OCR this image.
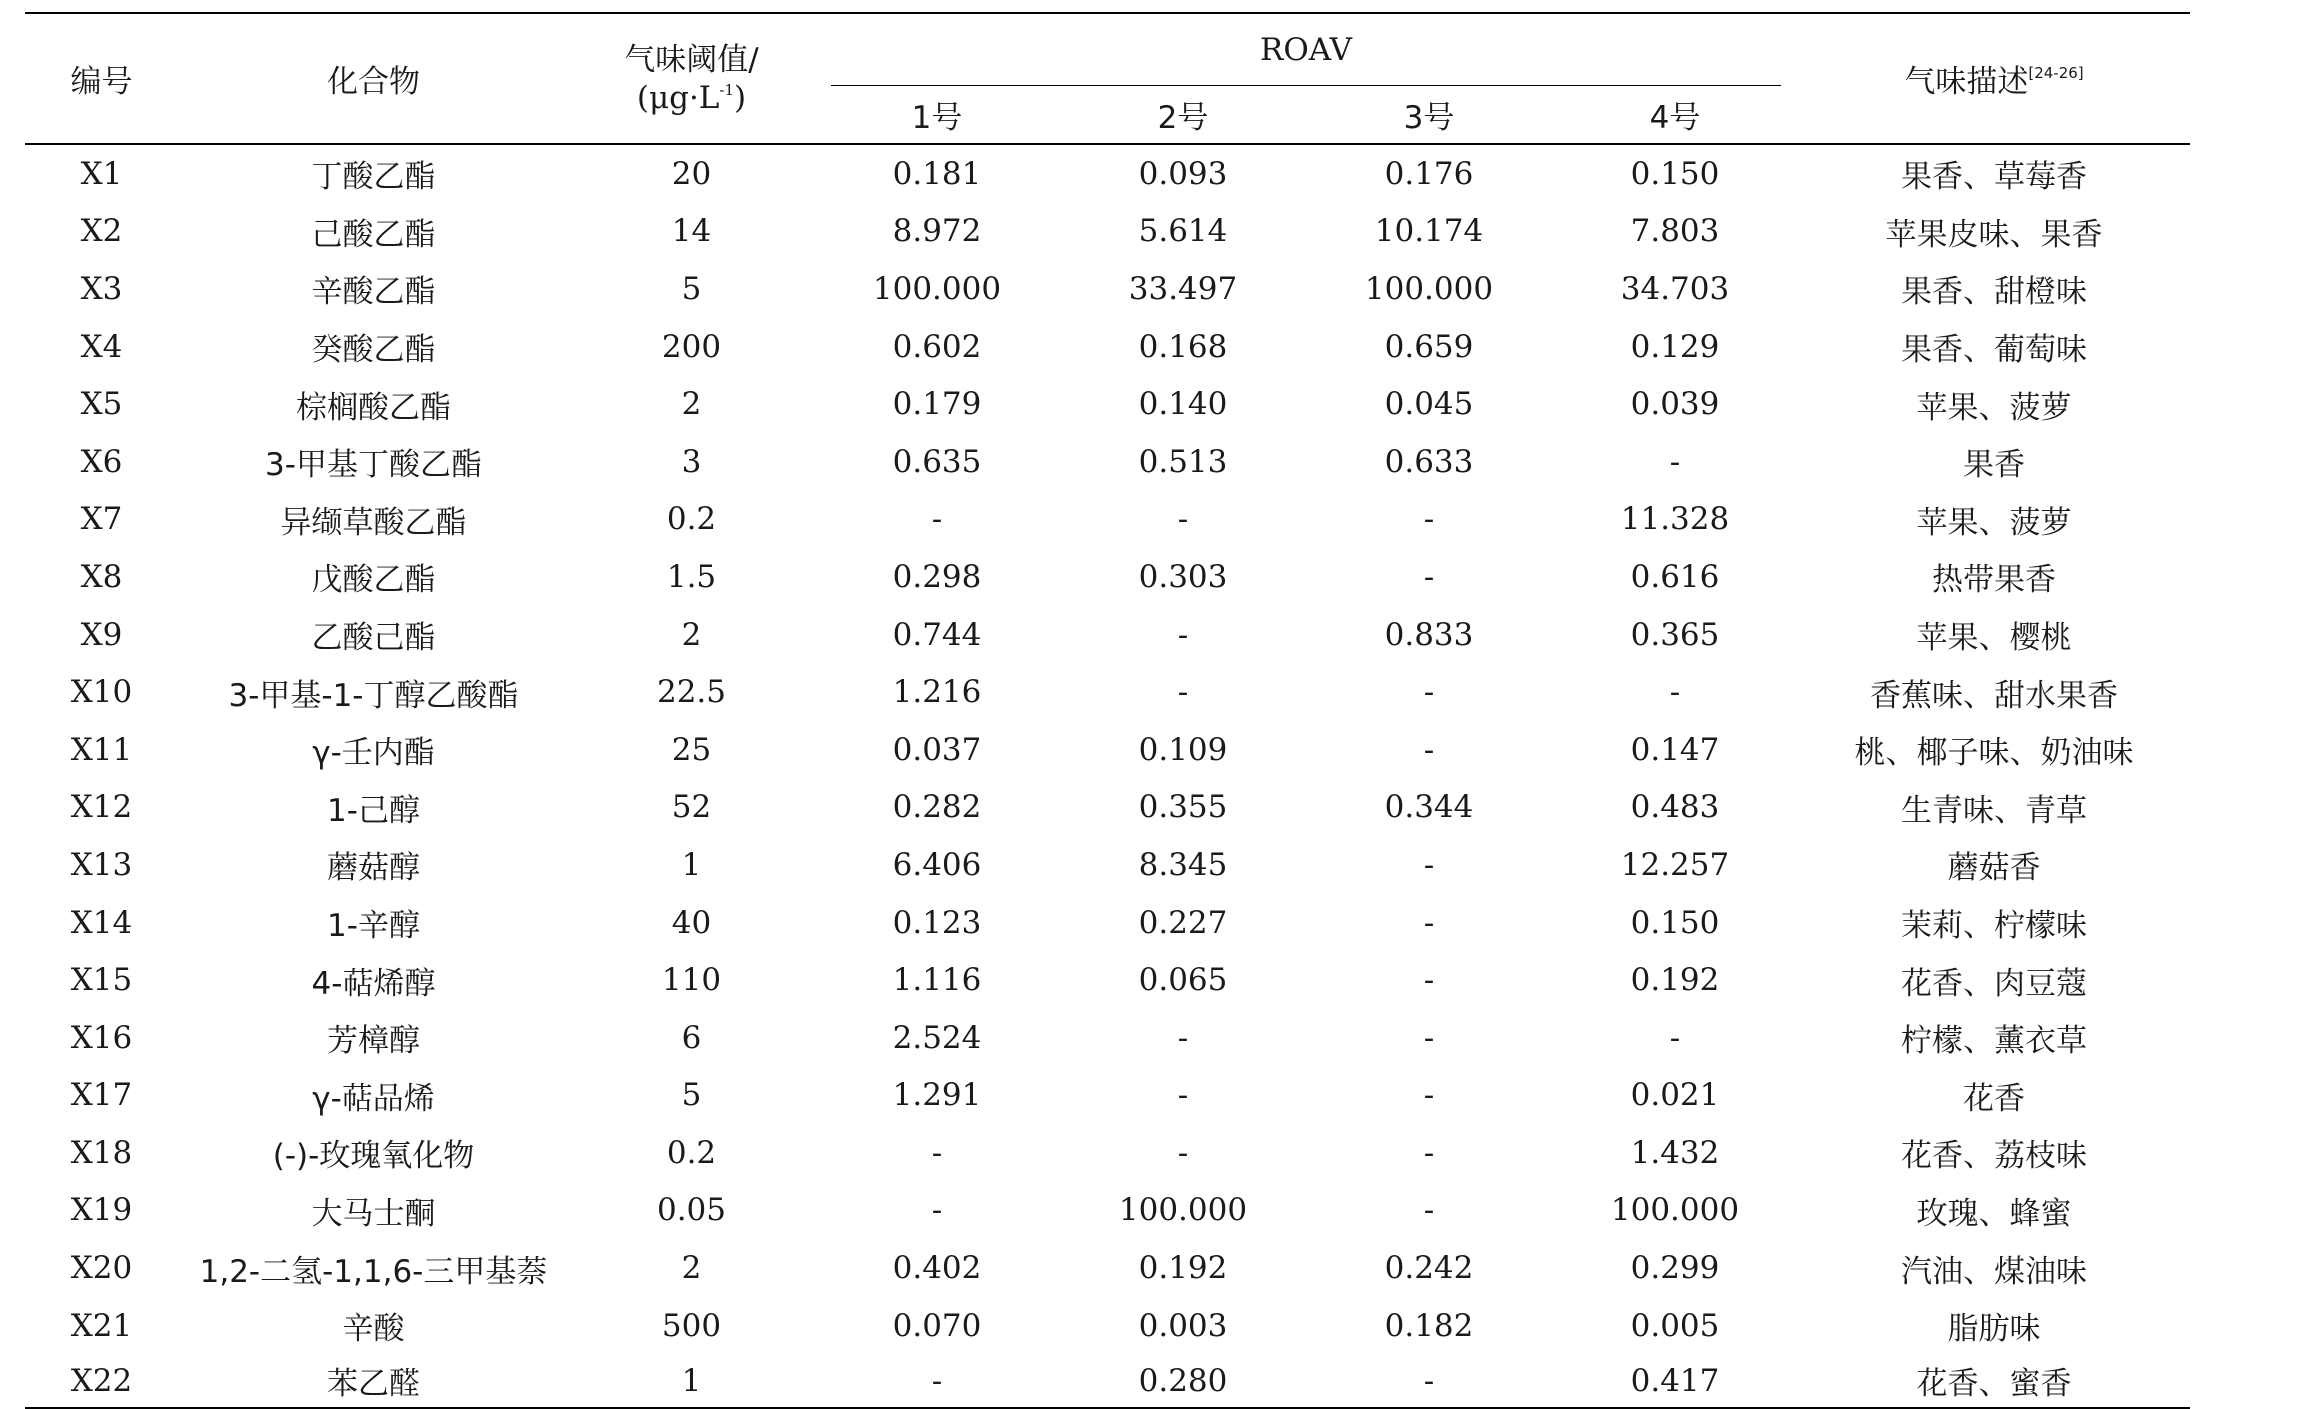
编号	化合物	气味阈值/
$(\mu g\cdot L^{-1})$	ROAV				气味描述[24-26]
			1号	2号	3号	4号	
X1	丁酸乙酯	20	0.181	0.093	0.176	0.150	果香、草莓香
X2	己酸乙酯	14	8.972	5.614	10.174	7.803	苹果皮味、果香
X3	辛酸乙酯	5	100.000	33.497	100.000	34.703	果香、甜橙味
X4	癸酸乙酯	200	0.602	0.168	0.659	0.129	果香、葡萄味
X5	棕榈酸乙酯	2	0.179	0.140	0.045	0.039	苹果、菠萝
X6	3-甲基丁酸乙酯	3	0.635	0.513	0.633	-	果香
X7	异缬草酸乙酯	0.2	-	-	-	11.328	苹果、菠萝
X8	戊酸乙酯	1.5	0.298	0.303	-	0.616	热带果香
X9	乙酸己酯	2	0.744	-	0.833	0.365	苹果、樱桃
X10	3-甲基-1-丁醇乙酸酯	22.5	1.216	-	-	-	香蕉味、甜水果香
X11	γ-壬内酯	25	0.037	0.109	-	0.147	桃、椰子味、奶油味
X12	1-己醇	52	0.282	0.355	0.344	0.483	生青味、青草
X13	蘑菇醇	1	6.406	8.345	-	12.257	蘑菇香
X14	1-辛醇	40	0.123	0.227	-	0.150	茉莉、柠檬味
X15	4-萜烯醇	110	1.116	0.065	-	0.192	花香、肉豆蔻
X16	芳樟醇	6	2.524	-	-	-	柠檬、薰衣草
X17	γ-萜品烯	5	1.291	-	-	0.021	花香
X18	(-)-玫瑰氧化物	0.2	-	-	-	1.432	花香、荔枝味
X19	大马士酮	0.05	-	100.000	-	100.000	玫瑰、蜂蜜
X20	1,2-二氢-1,1,6-三甲基萘	2	0.402	0.192	0.242	0.299	汽油、煤油味
X21	辛酸	500	0.070	0.003	0.182	0.005	脂肪味
X22	苯乙醛	1	-	0.280	-	0.417	花香、蜜香
